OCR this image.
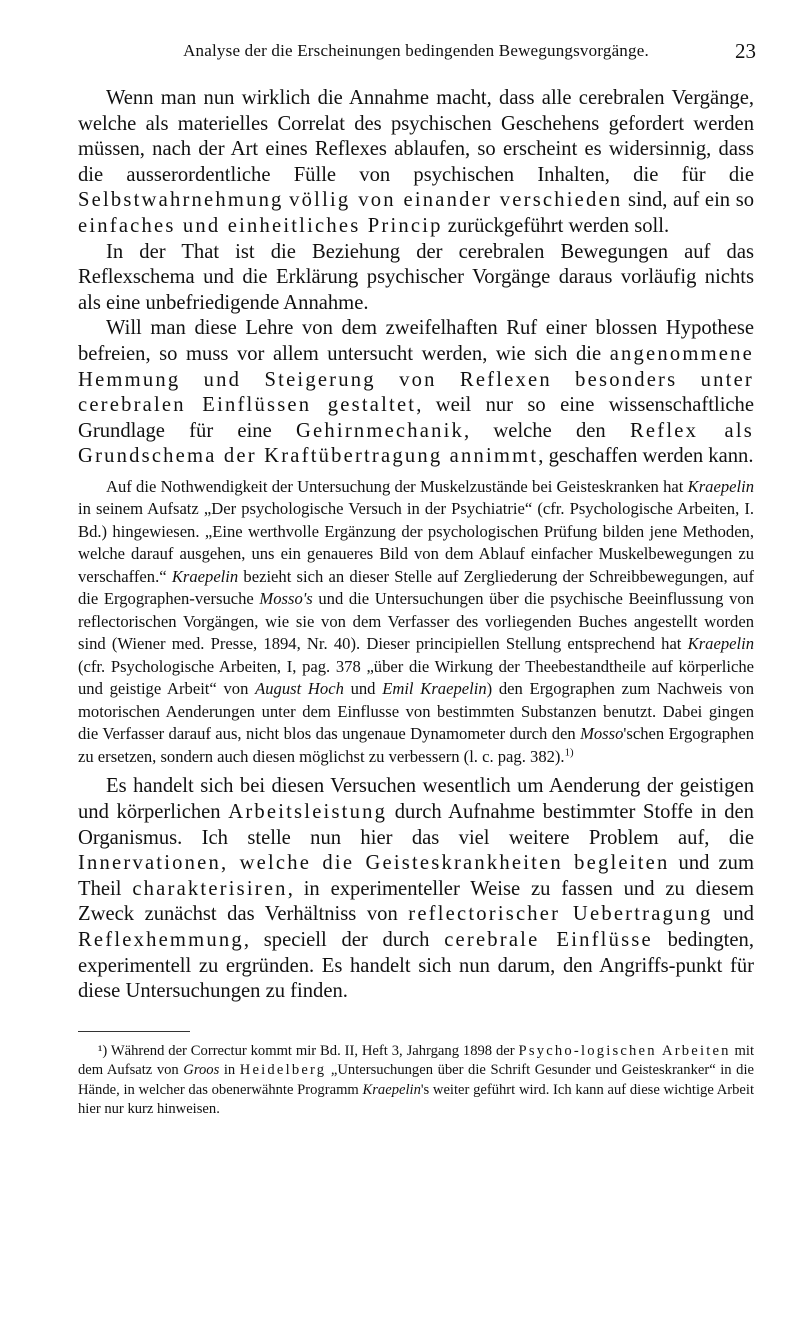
Analyse der die Erscheinungen bedingenden Bewegungsvorgänge.	23

Wenn man nun wirklich die Annahme macht, dass alle cerebralen Vergänge, welche als materielles Correlat des psychischen Geschehens gefordert werden müssen, nach der Art eines Reflexes ablaufen, so erscheint es widersinnig, dass die ausserordentliche Fülle von psychischen Inhalten, die für die Selbstwahrnehmung völlig von einander verschieden sind, auf ein so einfaches und einheitliches Princip zurückgeführt werden soll.

In der That ist die Beziehung der cerebralen Bewegungen auf das Reflexschema und die Erklärung psychischer Vorgänge daraus vorläufig nichts als eine unbefriedigende Annahme.

Will man diese Lehre von dem zweifelhaften Ruf einer blossen Hypothese befreien, so muss vor allem untersucht werden, wie sich die angenommene Hemmung und Steigerung von Reflexen besonders unter cerebralen Einflüssen gestaltet, weil nur so eine wissenschaftliche Grundlage für eine Gehirnmechanik, welche den Reflex als Grundschema der Kraftübertragung annimmt, geschaffen werden kann.

Auf die Nothwendigkeit der Untersuchung der Muskelzustände bei Geisteskranken hat Kraepelin in seinem Aufsatz „Der psychologische Versuch in der Psychiatrie“ (cfr. Psychologische Arbeiten, I. Bd.) hingewiesen. „Eine werthvolle Ergänzung der psychologischen Prüfung bilden jene Methoden, welche darauf ausgehen, uns ein genaueres Bild von dem Ablauf einfacher Muskelbewegungen zu verschaffen.“ Kraepelin bezieht sich an dieser Stelle auf Zergliederung der Schreibbewegungen, auf die Ergographen-versuche Mosso's und die Untersuchungen über die psychische Beeinflussung von reflectorischen Vorgängen, wie sie von dem Verfasser des vorliegenden Buches angestellt worden sind (Wiener med. Presse, 1894, Nr. 40). Dieser principiellen Stellung entsprechend hat Kraepelin (cfr. Psychologische Arbeiten, I, pag. 378 „über die Wirkung der Theebestandtheile auf körperliche und geistige Arbeit“ von August Hoch und Emil Kraepelin) den Ergographen zum Nachweis von motorischen Aenderungen unter dem Einflusse von bestimmten Substanzen benutzt. Dabei gingen die Verfasser darauf aus, nicht blos das ungenaue Dynamometer durch den Mosso'schen Ergographen zu ersetzen, sondern auch diesen möglichst zu verbessern (l. c. pag. 382).$^{1)}$

Es handelt sich bei diesen Versuchen wesentlich um Aenderung der geistigen und körperlichen Arbeitsleistung durch Aufnahme bestimmter Stoffe in den Organismus. Ich stelle nun hier das viel weitere Problem auf, die Innervationen, welche die Geisteskrankheiten begleiten und zum Theil charakterisiren, in experimenteller Weise zu fassen und zu diesem Zweck zunächst das Verhältniss von reflectorischer Uebertragung und Reflexhemmung, speciell der durch cerebrale Einflüsse bedingten, experimentell zu ergründen. Es handelt sich nun darum, den Angriffs-punkt für diese Untersuchungen zu finden.

¹) Während der Correctur kommt mir Bd. II, Heft 3, Jahrgang 1898 der Psycho-logischen Arbeiten mit dem Aufsatz von Groos in Heidelberg „Untersuchungen über die Schrift Gesunder und Geisteskranker“ in die Hände, in welcher das obenerwähnte Programm Kraepelin's weiter geführt wird. Ich kann auf diese wichtige Arbeit hier nur kurz hinweisen.
